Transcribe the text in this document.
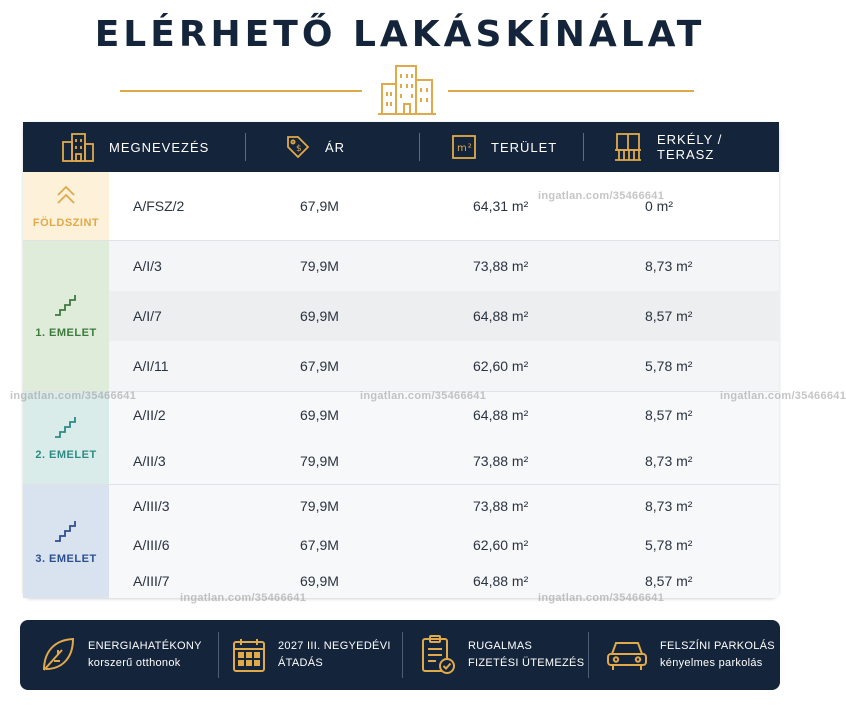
ELÉRHETŐ LAKÁSKÍNÁLAT
MEGNEVEZÉS	$ ÁR	m² TERÜLET	ERKÉLY / TERASZ
FÖLDSZINT
A/FSZ/2	67,9M	64,31 m²	0 m²
1. EMELET
A/I/3	79,9M	73,88 m²	8,73 m²
A/I/7	69,9M	64,88 m²	8,57 m²
A/I/11	67,9M	62,60 m²	5,78 m²
2. EMELET
A/II/2	69,9M	64,88 m²	8,57 m²
A/II/3	79,9M	73,88 m²	8,73 m²
3. EMELET
A/III/3	79,9M	73,88 m²	8,73 m²
A/III/6	67,9M	62,60 m²	5,78 m²
A/III/7	69,9M	64,88 m²	8,57 m²
ingatlan.com/35466641
ingatlan.com/35466641	ingatlan.com/35466641	ingatlan.com/35466641
ingatlan.com/35466641	ingatlan.com/35466641
ENERGIAHATÉKONY
korszerű otthonok
2027 III. NEGYEDÉVI
ÁTADÁS
RUGALMAS
FIZETÉSI ÜTEMEZÉS
FELSZÍNI PARKOLÁS
kényelmes parkolás
